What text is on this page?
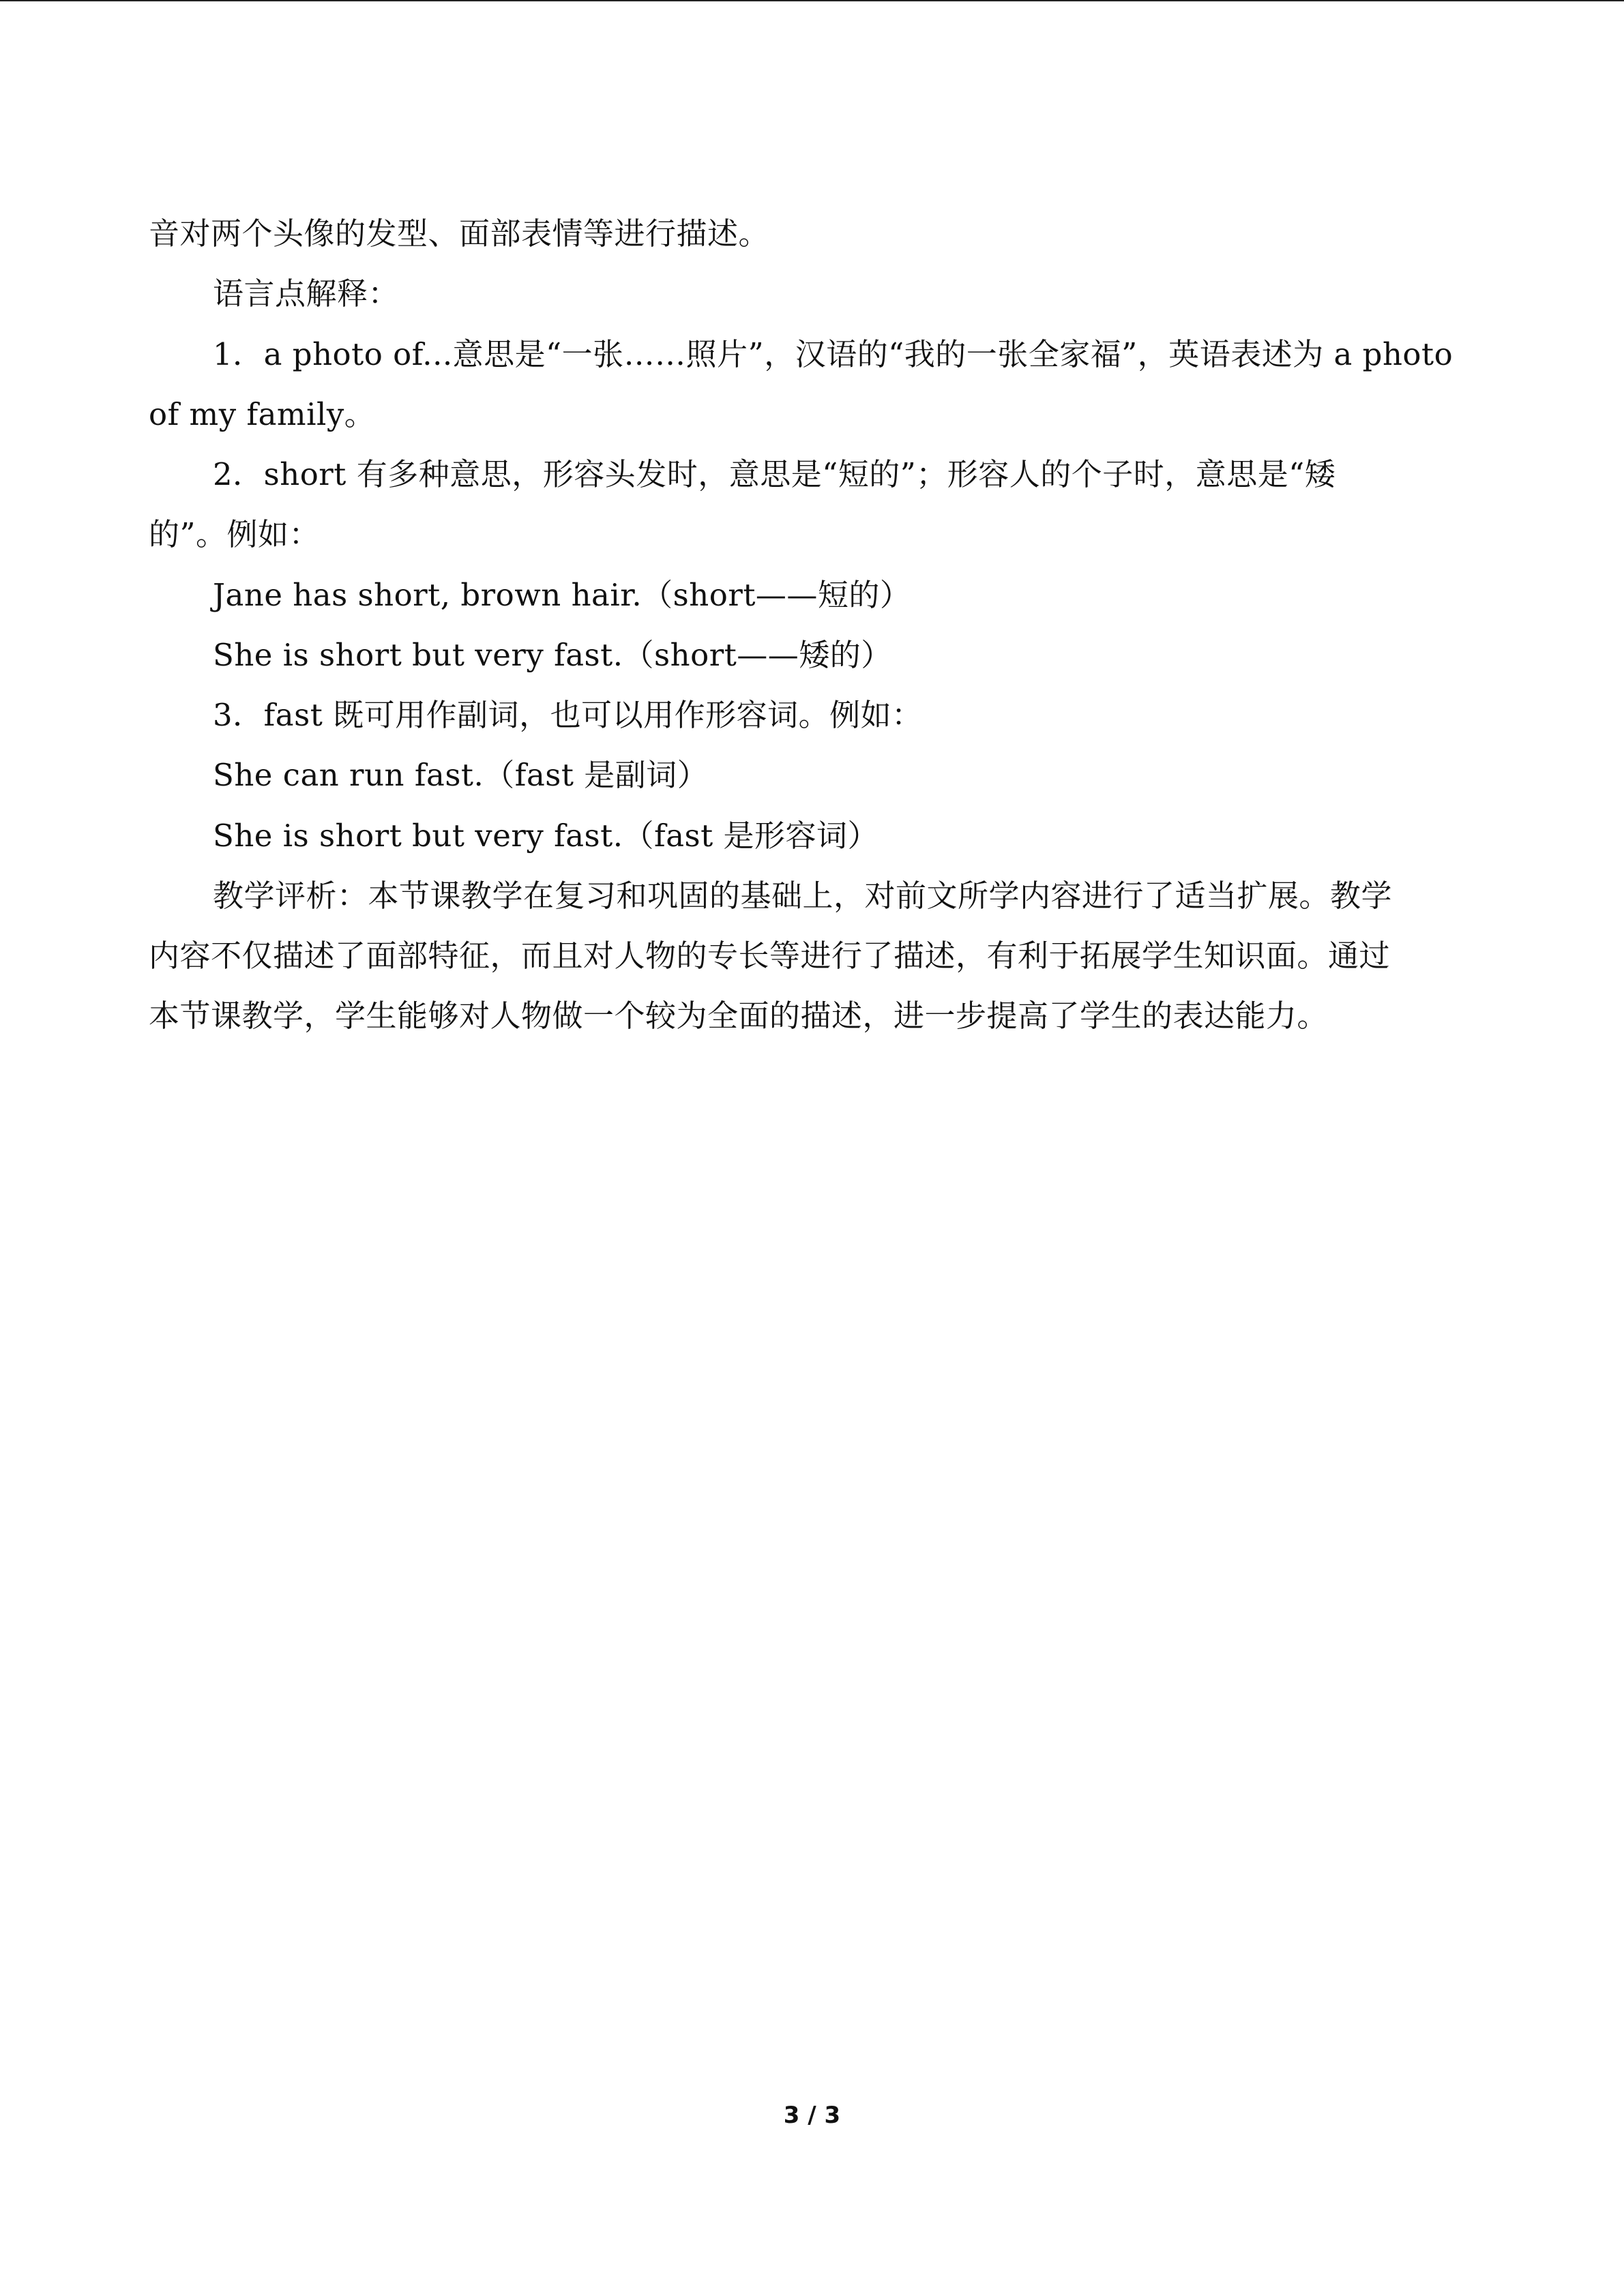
音对两个头像的发型、面部表情等进行描述。
语言点解释：
1．a photo of...意思是“一张……照片”，汉语的“我的一张全家福”，英语表述为 a photo
of my family。
2．short 有多种意思，形容头发时，意思是“短的”；形容人的个子时，意思是“矮
的”。例如：
Jane has short, brown hair.（short——短的）
She is short but very fast.（short——矮的）
3．fast 既可用作副词，也可以用作形容词。例如：
She can run fast.（fast 是副词）
She is short but very fast.（fast 是形容词）
教学评析：本节课教学在复习和巩固的基础上，对前文所学内容进行了适当扩展。教学
内容不仅描述了面部特征，而且对人物的专长等进行了描述，有利于拓展学生知识面。通过
本节课教学，学生能够对人物做一个较为全面的描述，进一步提高了学生的表达能力。
3 / 3
